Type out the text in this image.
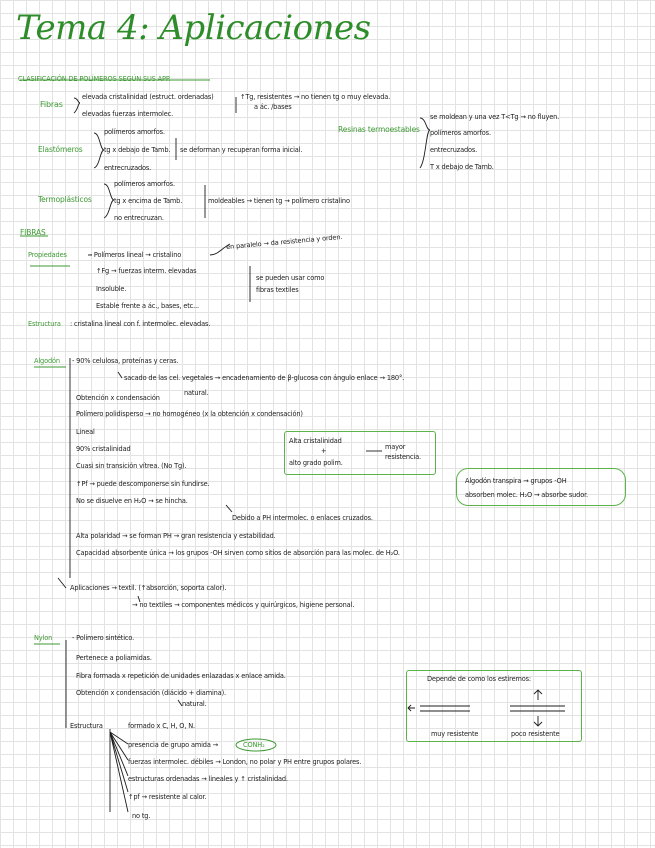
Tema 4: Aplicaciones
CLASIFICACIÓN DE POLÍMEROS SEGÚN SUS APP.
Fibras
elevada cristalinidad (estruct. ordenadas)
elevadas fuerzas intermolec.
↑Tg, resistentes → no tienen tg o muy elevada.
a ác. /bases
Elastómeros
polímeros amorfos.
tg x debajo de Tamb.
entrecruzados.
se deforman y recuperan forma inicial.
Resinas termoestables
se moldean y una vez T<Tg → no fluyen.
polímeros amorfos.
entrecruzados.
T x debajo de Tamb.
Termoplásticos
polímeros amorfos.
tg x encima de Tamb.
no entrecruzan.
moldeables → tienen tg → polímero cristalino
FIBRAS
Propiedades	· Polímeros lineal → cristalino
en paralelo → da resistencia y orden.
↑Fg → fuerzas interm. elevadas
Insoluble.
Estable frente a ác., bases, etc...
se pueden usar como fibras textiles
Estructura : cristalina lineal con f. intermolec. elevadas.
Algodón - 90% celulosa, proteínas y ceras.
sacado de las cel. vegetales → encadenamiento de β-glucosa con ángulo enlace → 180°.
Obtención x condensación
natural.
Polímero polidisperso → no homogéneo (x la obtención x condensación)
Lineal
90% cristalinidad
Cuasi sin transición vítrea. (No Tg).
↑Pf → puede descomponerse sin fundirse.
No se disuelve en H₂O → se hincha.
Debido a PH intermolec. o enlaces cruzados.
Alta polaridad → se forman PH → gran resistencia y estabilidad.
Capacidad absorbente única → los grupos -OH sirven como sitios de absorción para las molec. de H₂O.
Alta cristalinidad
+
alto grado polim.
mayor resistencia.
Algodón transpira → grupos -OH
absorben molec. H₂O → absorbe sudor.
Aplicaciones → textil. (↑absorción, soporta calor).
→ no textiles → componentes médicos y quirúrgicos, higiene personal.
Nylon	- Polímero sintético.
Pertenece a poliamidas.
Fibra formada x repetición de unidades enlazadas x enlace amida.
Obtención x condensación (diácido + diamina).
natural.
Depende de como los estiremos:
muy resistente	poco resistente
Estructura	formado x C, H, O, N.
presencia de grupo amida →	CONH₂
fuerzas intermolec. débiles → London, no polar y PH entre grupos polares.
estructuras ordenadas → lineales y ↑ cristalinidad.
↑pf → resistente al calor.
no tg.
